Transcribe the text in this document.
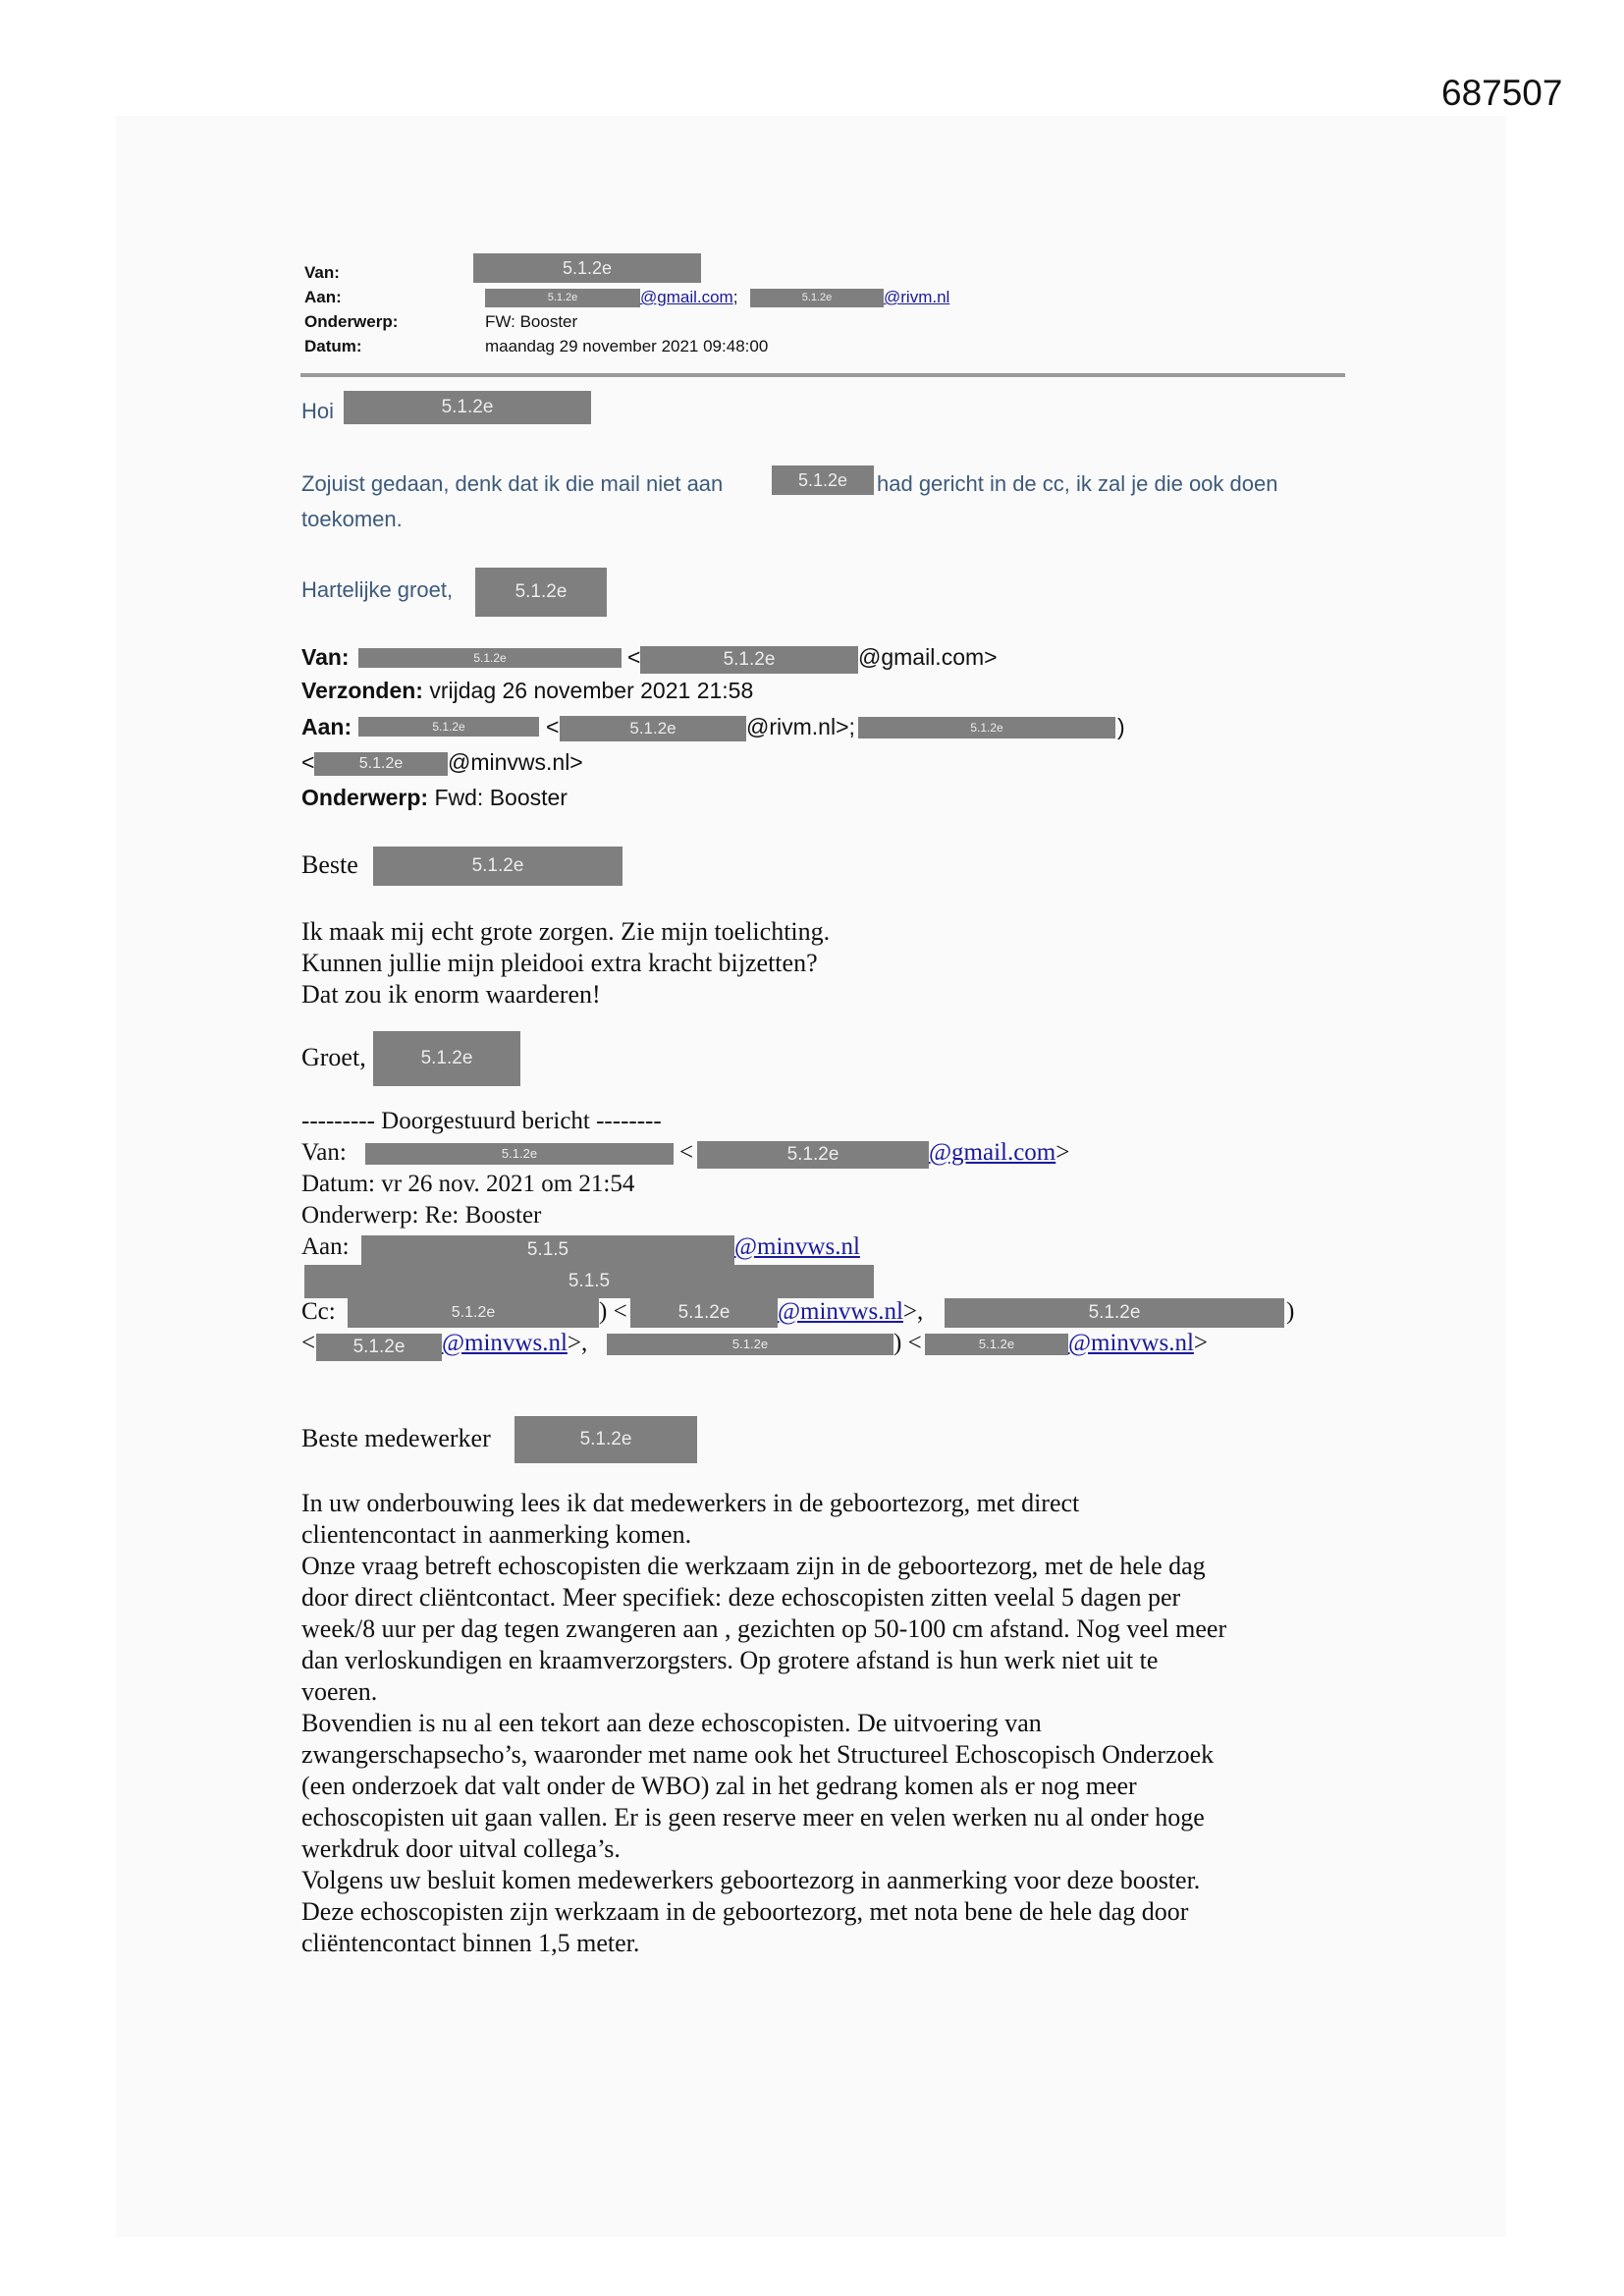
687507
Van:	5.1.2e
Aan:	5.1.2e	@gmail.com;	5.1.2e	@rivm.nl
Onderwerp:	FW: Booster
Datum:	maandag 29 november 2021 09:48:00
Hoi	5.1.2e
Zojuist gedaan, denk dat ik die mail niet aan	5.1.2e	had gericht in de cc, ik zal je die ook doen
toekomen.
Hartelijke groet,	5.1.2e
Van:	5.1.2e	<	5.1.2e	@gmail.com>
Verzonden: vrijdag 26 november 2021 21:58
Aan:	5.1.2e	<	5.1.2e	@rivm.nl>;	5.1.2e	)
<	5.1.2e	@minvws.nl>
Onderwerp: Fwd: Booster
Beste	5.1.2e
Ik maak mij echt grote zorgen. Zie mijn toelichting.
Kunnen jullie mijn pleidooi extra kracht bijzetten?
Dat zou ik enorm waarderen!
Groet,	5.1.2e
--------- Doorgestuurd bericht --------
Van:	5.1.2e	<	5.1.2e	@gmail.com>
Datum: vr 26 nov. 2021 om 21:54
Onderwerp: Re: Booster
Aan:	5.1.5	@minvws.nl
5.1.5
Cc:	5.1.2e	) <	5.1.2e	@minvws.nl>,	5.1.2e	)
<	5.1.2e	@minvws.nl>,	5.1.2e	) <	5.1.2e	@minvws.nl>
Beste medewerker	5.1.2e
In uw onderbouwing lees ik dat medewerkers in de geboortezorg, met direct
clientencontact in aanmerking komen.
Onze vraag betreft echoscopisten die werkzaam zijn in de geboortezorg, met de hele dag
door direct cliëntcontact. Meer specifiek: deze echoscopisten zitten veelal 5 dagen per
week/8 uur per dag tegen zwangeren aan , gezichten op 50-100 cm afstand. Nog veel meer
dan verloskundigen en kraamverzorgsters. Op grotere afstand is hun werk niet uit te
voeren.
Bovendien is nu al een tekort aan deze echoscopisten. De uitvoering van
zwangerschapsecho’s, waaronder met name ook het Structureel Echoscopisch Onderzoek
(een onderzoek dat valt onder de WBO) zal in het gedrang komen als er nog meer
echoscopisten uit gaan vallen. Er is geen reserve meer en velen werken nu al onder hoge
werkdruk door uitval collega’s.
Volgens uw besluit komen medewerkers geboortezorg in aanmerking voor deze booster.
Deze echoscopisten zijn werkzaam in de geboortezorg, met nota bene de hele dag door
cliëntencontact binnen 1,5 meter.
